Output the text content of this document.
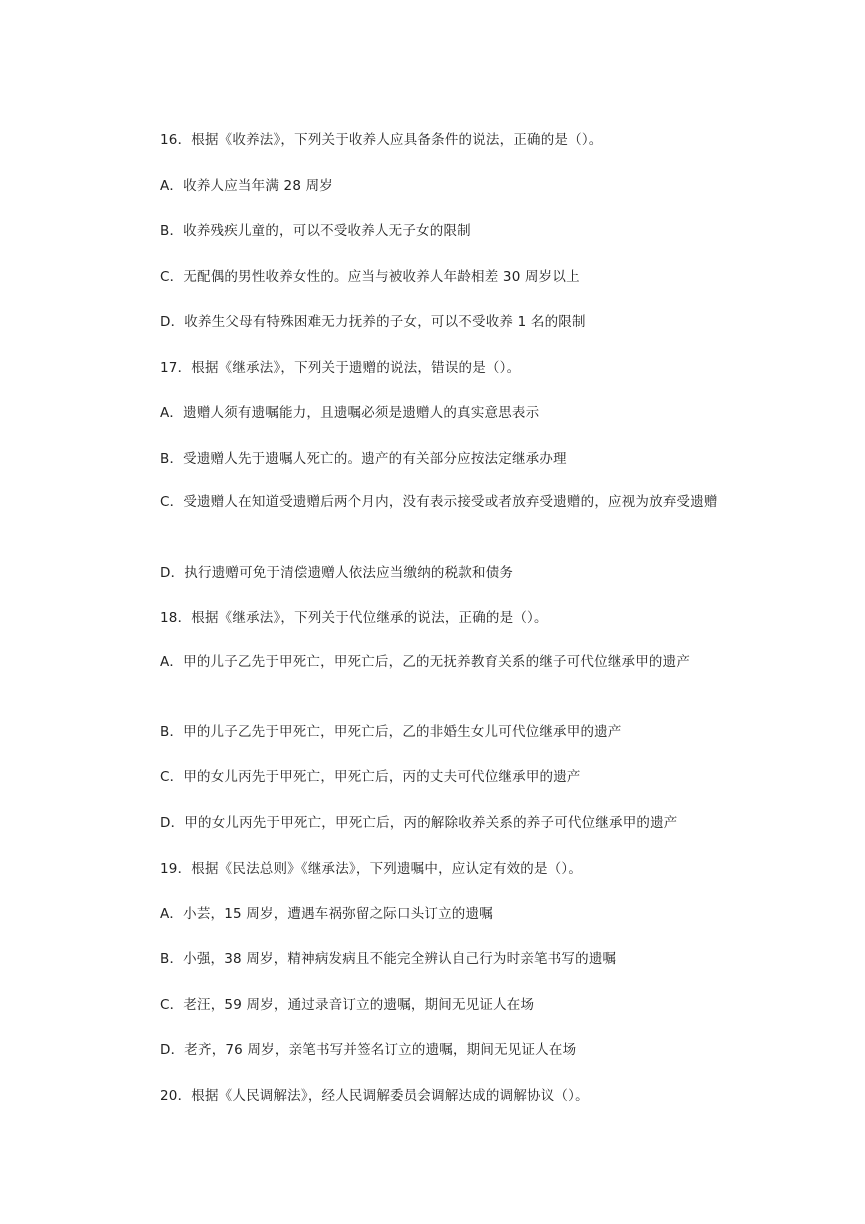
16．根据《收养法》，下列关于收养人应具备条件的说法，正确的是（）。
A．收养人应当年满 28 周岁
B．收养残疾儿童的，可以不受收养人无子女的限制
C．无配偶的男性收养女性的。应当与被收养人年龄相差 30 周岁以上
D．收养生父母有特殊困难无力抚养的子女，可以不受收养 1 名的限制
17．根据《继承法》，下列关于遗赠的说法，错误的是（）。
A．遗赠人须有遗嘱能力，且遗嘱必须是遗赠人的真实意思表示
B．受遗赠人先于遗嘱人死亡的。遗产的有关部分应按法定继承办理
C．受遗赠人在知道受遗赠后两个月内，没有表示接受或者放弃受遗赠的，应视为放弃受遗赠
D．执行遗赠可免于清偿遗赠人依法应当缴纳的税款和债务
18．根据《继承法》，下列关于代位继承的说法，正确的是（）。
A．甲的儿子乙先于甲死亡，甲死亡后，乙的无抚养教育关系的继子可代位继承甲的遗产
B．甲的儿子乙先于甲死亡，甲死亡后，乙的非婚生女儿可代位继承甲的遗产
C．甲的女儿丙先于甲死亡，甲死亡后，丙的丈夫可代位继承甲的遗产
D．甲的女儿丙先于甲死亡，甲死亡后，丙的解除收养关系的养子可代位继承甲的遗产
19．根据《民法总则》《继承法》，下列遗嘱中，应认定有效的是（）。
A．小芸，15 周岁，遭遇车祸弥留之际口头订立的遗嘱
B．小强，38 周岁，精神病发病且不能完全辨认自己行为时亲笔书写的遗嘱
C．老汪，59 周岁，通过录音订立的遗嘱，期间无见证人在场
D．老齐，76 周岁，亲笔书写并签名订立的遗嘱，期间无见证人在场
20．根据《人民调解法》，经人民调解委员会调解达成的调解协议（）。
